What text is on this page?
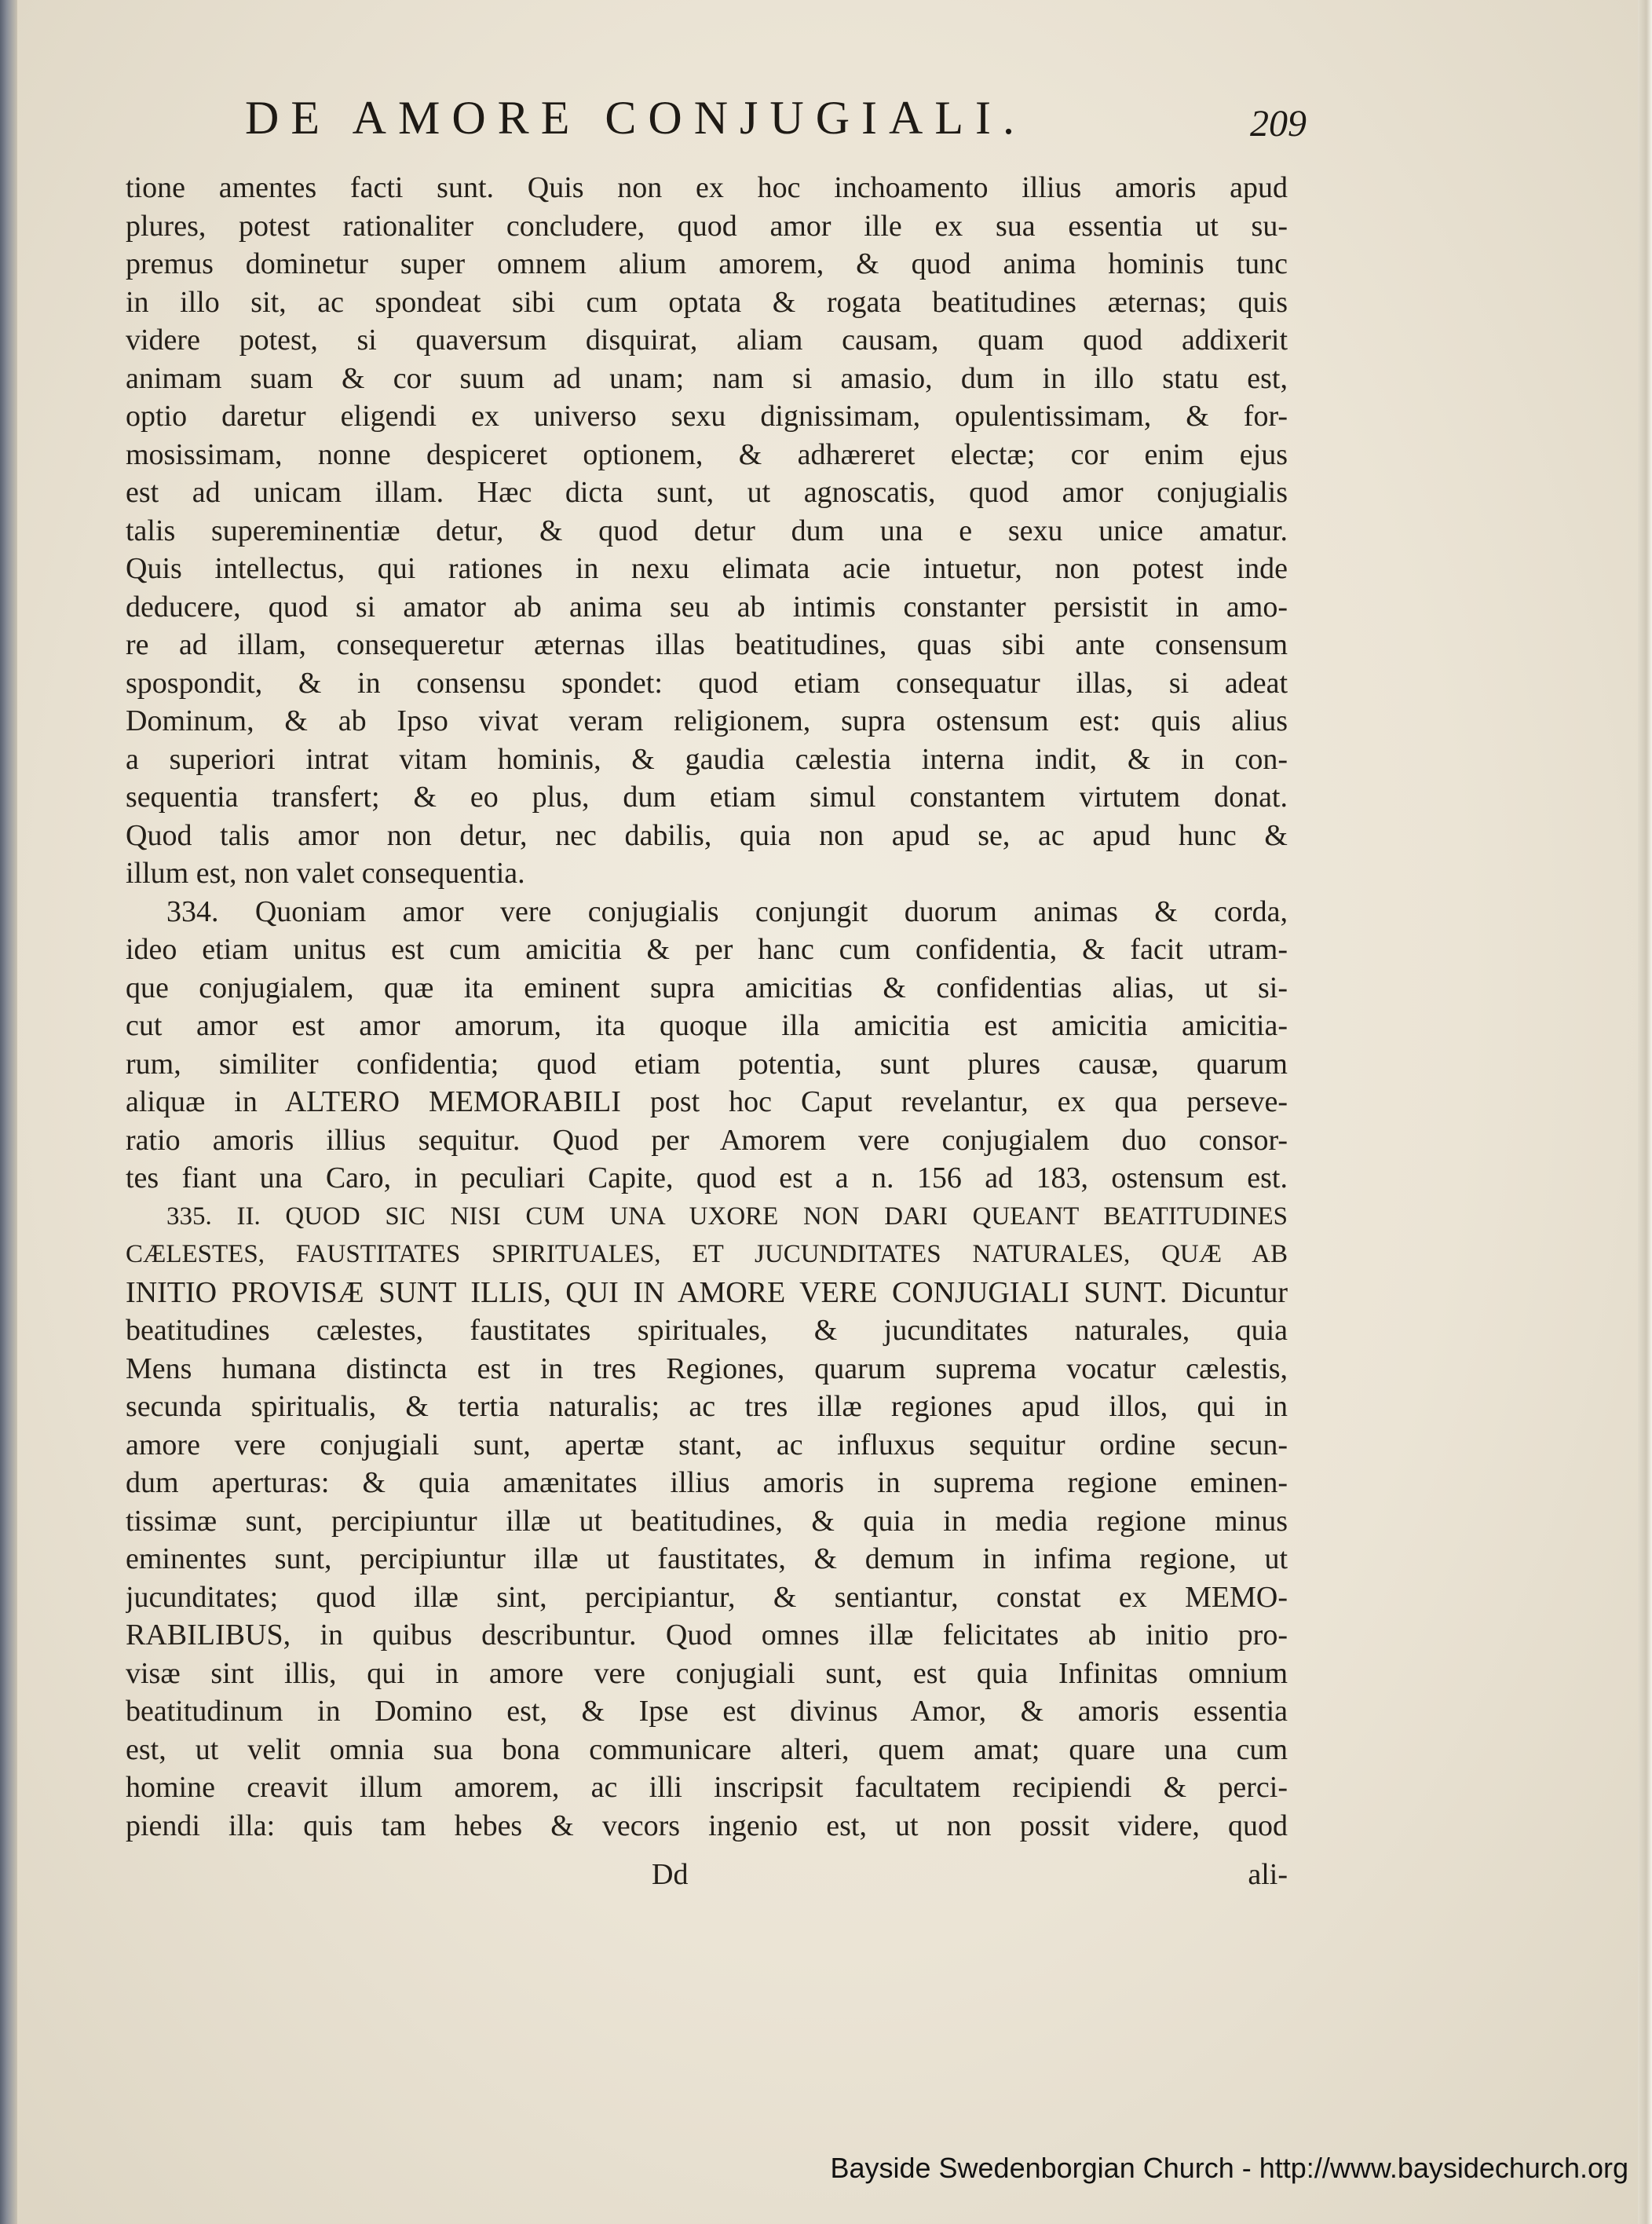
DE AMORE CONJUGIALI.	209
tione amentes facti sunt. Quis non ex hoc inchoamento illius amoris apud
plures, potest rationaliter concludere, quod amor ille ex sua essentia ut su-
premus dominetur super omnem alium amorem, & quod anima hominis tunc
in illo sit, ac spondeat sibi cum optata & rogata beatitudines æternas; quis
videre potest, si quaversum disquirat, aliam causam, quam quod addixerit
animam suam & cor suum ad unam; nam si amasio, dum in illo statu est,
optio daretur eligendi ex universo sexu dignissimam, opulentissimam, & for-
mosissimam, nonne despiceret optionem, & adhæreret electæ; cor enim ejus
est ad unicam illam. Hæc dicta sunt, ut agnoscatis, quod amor conjugialis
talis supereminentiæ detur, & quod detur dum una e sexu unice amatur.
Quis intellectus, qui rationes in nexu elimata acie intuetur, non potest inde
deducere, quod si amator ab anima seu ab intimis constanter persistit in amo-
re ad illam, consequeretur æternas illas beatitudines, quas sibi ante consensum
spospondit, & in consensu spondet: quod etiam consequatur illas, si adeat
Dominum, & ab Ipso vivat veram religionem, supra ostensum est: quis alius
a superiori intrat vitam hominis, & gaudia cælestia interna indit, & in con-
sequentia transfert; & eo plus, dum etiam simul constantem virtutem donat.
Quod talis amor non detur, nec dabilis, quia non apud se, ac apud hunc &
illum est, non valet consequentia.
334. Quoniam amor vere conjugialis conjungit duorum animas & corda,
ideo etiam unitus est cum amicitia & per hanc cum confidentia, & facit utram-
que conjugialem, quæ ita eminent supra amicitias & confidentias alias, ut si-
cut amor est amor amorum, ita quoque illa amicitia est amicitia amicitia-
rum, similiter confidentia; quod etiam potentia, sunt plures causæ, quarum
aliquæ in ALTERO MEMORABILI post hoc Caput revelantur, ex qua perseve-
ratio amoris illius sequitur. Quod per Amorem vere conjugialem duo consor-
tes fiant una Caro, in peculiari Capite, quod est a n. 156 ad 183, ostensum est.
335. II. QUOD SIC NISI CUM UNA UXORE NON DARI QUEANT BEATITUDINES
CÆLESTES, FAUSTITATES SPIRITUALES, ET JUCUNDITATES NATURALES, QUÆ AB
INITIO PROVISÆ SUNT ILLIS, QUI IN AMORE VERE CONJUGIALI SUNT. Dicuntur
beatitudines cælestes, faustitates spirituales, & jucunditates naturales, quia
Mens humana distincta est in tres Regiones, quarum suprema vocatur cælestis,
secunda spiritualis, & tertia naturalis; ac tres illæ regiones apud illos, qui in
amore vere conjugiali sunt, apertæ stant, ac influxus sequitur ordine secun-
dum aperturas: & quia amænitates illius amoris in suprema regione eminen-
tissimæ sunt, percipiuntur illæ ut beatitudines, & quia in media regione minus
eminentes sunt, percipiuntur illæ ut faustitates, & demum in infima regione, ut
jucunditates; quod illæ sint, percipiantur, & sentiantur, constat ex MEMO-
RABILIBUS, in quibus describuntur. Quod omnes illæ felicitates ab initio pro-
visæ sint illis, qui in amore vere conjugiali sunt, est quia Infinitas omnium
beatitudinum in Domino est, & Ipse est divinus Amor, & amoris essentia
est, ut velit omnia sua bona communicare alteri, quem amat; quare una cum
homine creavit illum amorem, ac illi inscripsit facultatem recipiendi & perci-
piendi illa: quis tam hebes & vecors ingenio est, ut non possit videre, quod
Dd	ali-
Bayside Swedenborgian Church - http://www.baysidechurch.org
